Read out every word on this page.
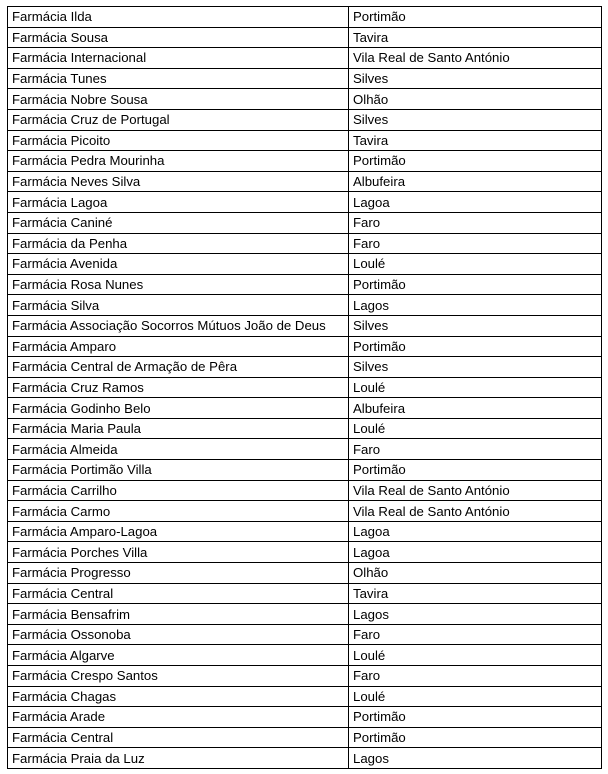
Farmácia Ilda	Portimão
Farmácia Sousa	Tavira
Farmácia Internacional	Vila Real de Santo António
Farmácia Tunes	Silves
Farmácia Nobre Sousa	Olhão
Farmácia Cruz de Portugal	Silves
Farmácia Picoito	Tavira
Farmácia Pedra Mourinha	Portimão
Farmácia Neves Silva	Albufeira
Farmácia Lagoa	Lagoa
Farmácia Caniné	Faro
Farmácia da Penha	Faro
Farmácia Avenida	Loulé
Farmácia Rosa Nunes	Portimão
Farmácia Silva	Lagos
Farmácia Associação Socorros Mútuos João de Deus	Silves
Farmácia Amparo	Portimão
Farmácia Central de Armação de Pêra	Silves
Farmácia Cruz Ramos	Loulé
Farmácia Godinho Belo	Albufeira
Farmácia Maria Paula	Loulé
Farmácia Almeida	Faro
Farmácia Portimão Villa	Portimão
Farmácia Carrilho	Vila Real de Santo António
Farmácia Carmo	Vila Real de Santo António
Farmácia Amparo-Lagoa	Lagoa
Farmácia Porches Villa	Lagoa
Farmácia Progresso	Olhão
Farmácia Central	Tavira
Farmácia Bensafrim	Lagos
Farmácia Ossonoba	Faro
Farmácia Algarve	Loulé
Farmácia Crespo Santos	Faro
Farmácia Chagas	Loulé
Farmácia Arade	Portimão
Farmácia Central	Portimão
Farmácia Praia da Luz	Lagos
